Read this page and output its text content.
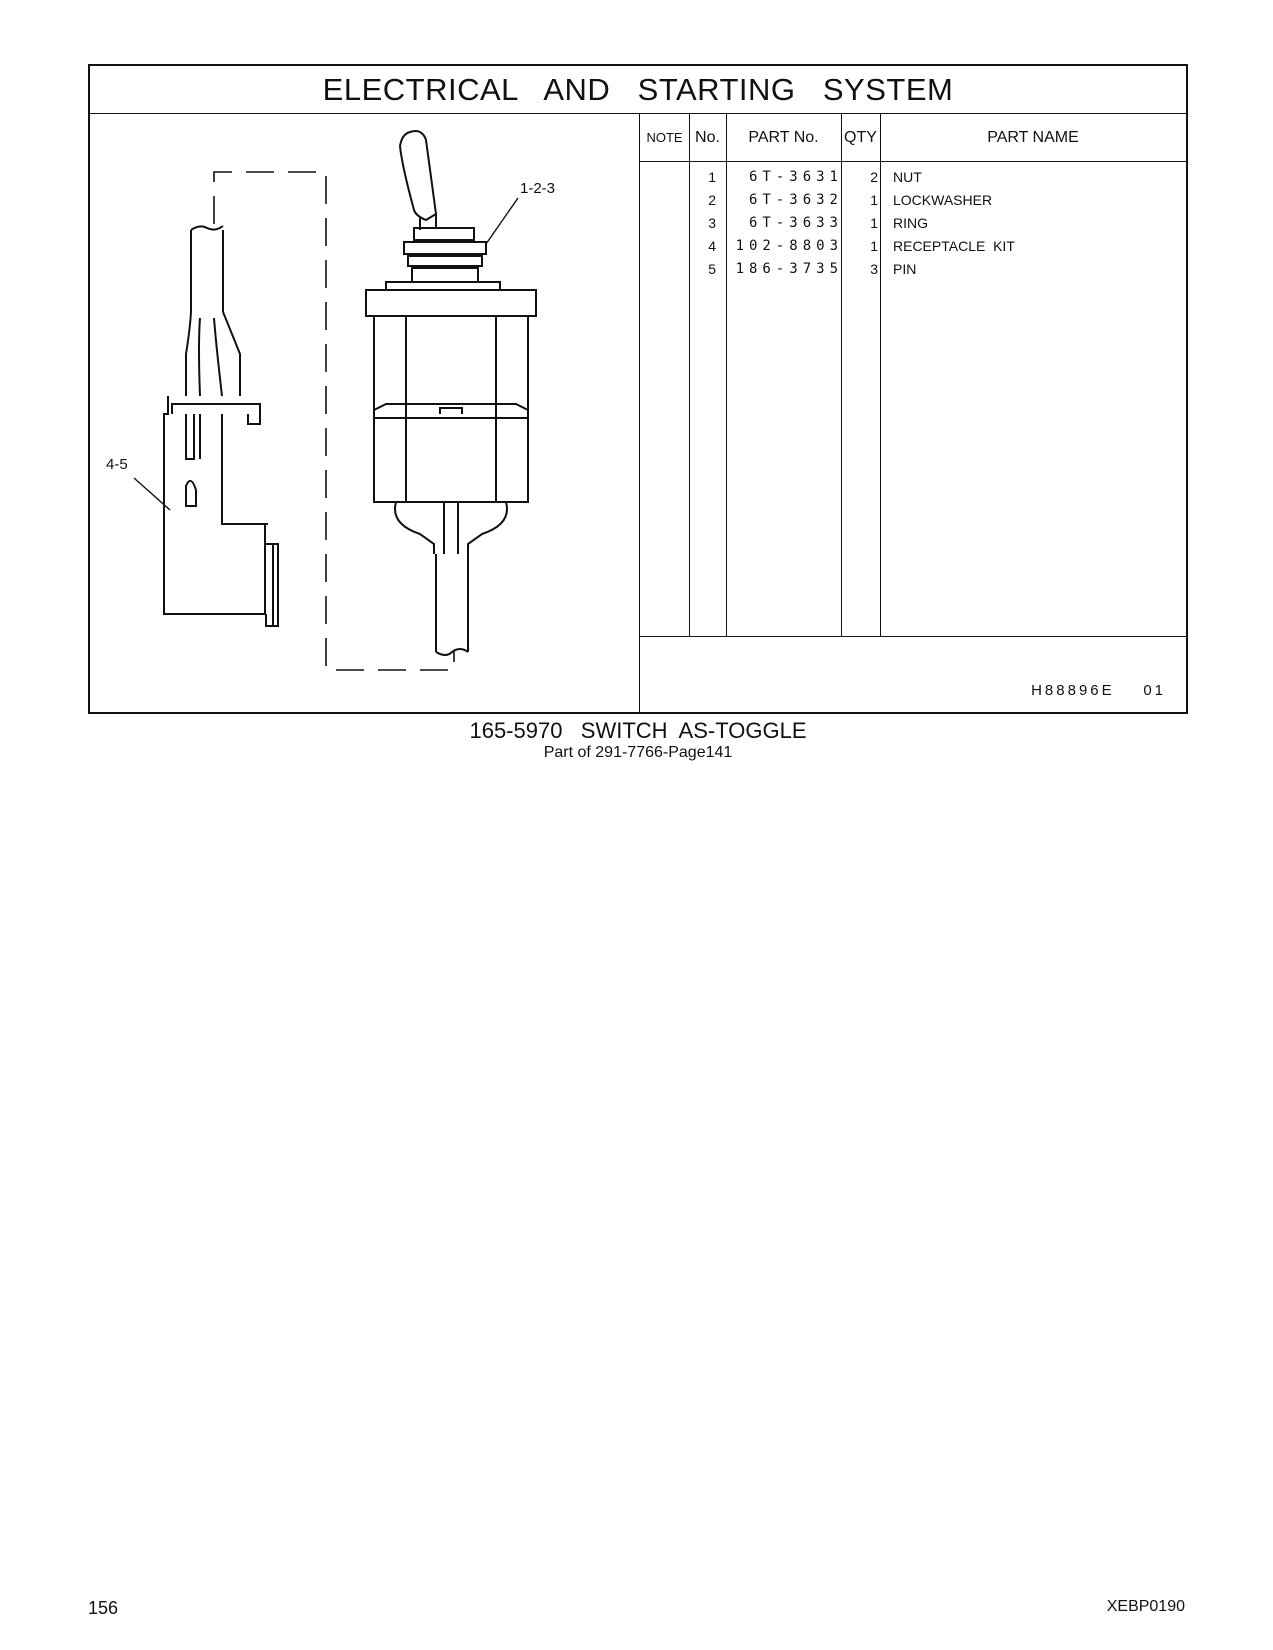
ELECTRICAL   AND   STARTING   SYSTEM
1-2-3
4-5
NOTE No.	PART No.	QTY	PART NAME
1	6T-3631	2 NUT
2	6T-3632	1 LOCKWASHER
3	6T-3633	1 RING
4	102-8803	1 RECEPTACLE  KIT
5	186-3735	3 PIN
H88896E    01
165-5970   SWITCH  AS-TOGGLE
Part of 291-7766-Page141
156	XEBP0190
